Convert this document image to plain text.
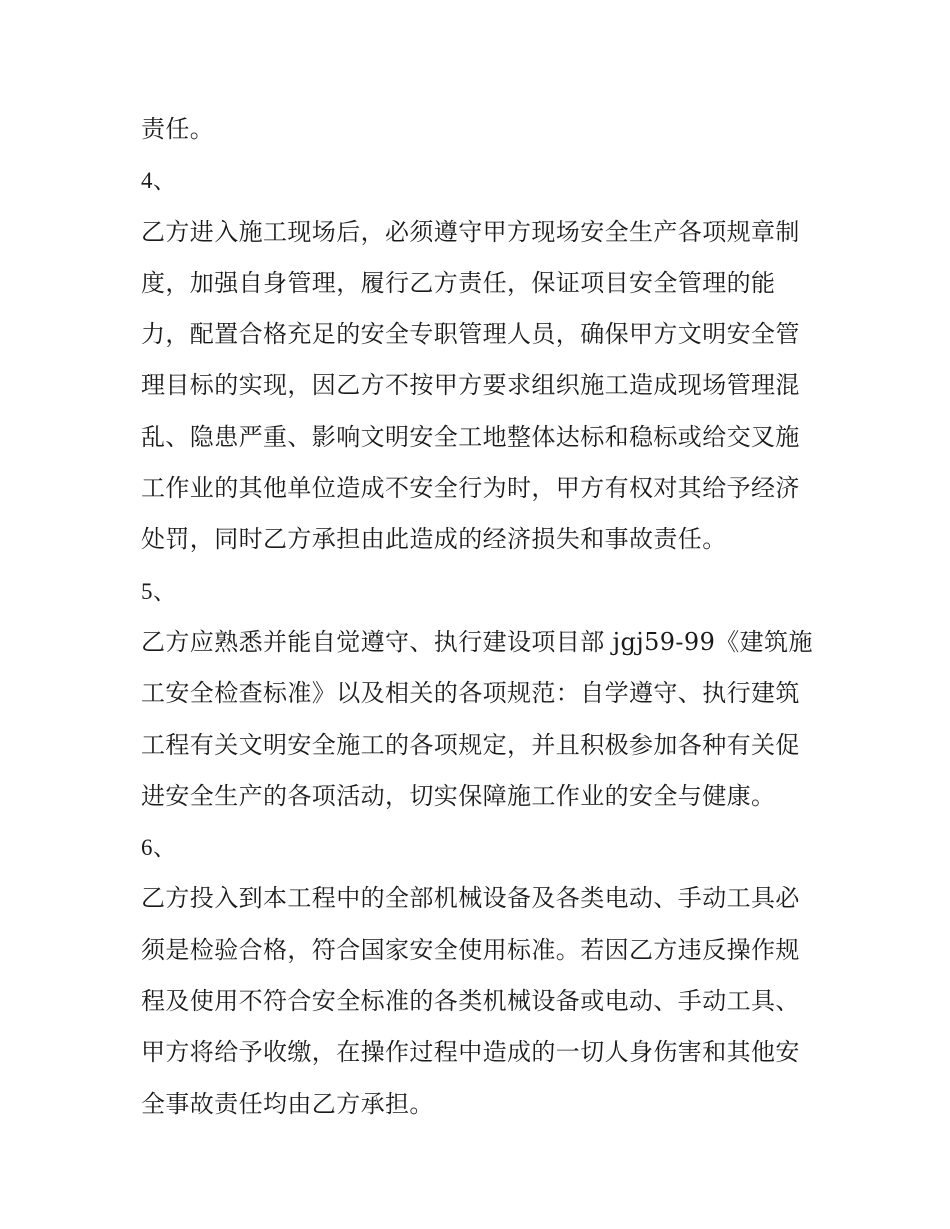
责任。
4、
乙方进入施工现场后，必须遵守甲方现场安全生产各项规章制
度，加强自身管理，履行乙方责任，保证项目安全管理的能
力，配置合格充足的安全专职管理人员，确保甲方文明安全管
理目标的实现，因乙方不按甲方要求组织施工造成现场管理混
乱、隐患严重、影响文明安全工地整体达标和稳标或给交叉施
工作业的其他单位造成不安全行为时，甲方有权对其给予经济
处罚，同时乙方承担由此造成的经济损失和事故责任。
5、
乙方应熟悉并能自觉遵守、执行建设项目部 jgj59-99《建筑施
工安全检查标准》以及相关的各项规范：自学遵守、执行建筑
工程有关文明安全施工的各项规定，并且积极参加各种有关促
进安全生产的各项活动，切实保障施工作业的安全与健康。
6、
乙方投入到本工程中的全部机械设备及各类电动、手动工具必
须是检验合格，符合国家安全使用标准。若因乙方违反操作规
程及使用不符合安全标准的各类机械设备或电动、手动工具、
甲方将给予收缴，在操作过程中造成的一切人身伤害和其他安
全事故责任均由乙方承担。
